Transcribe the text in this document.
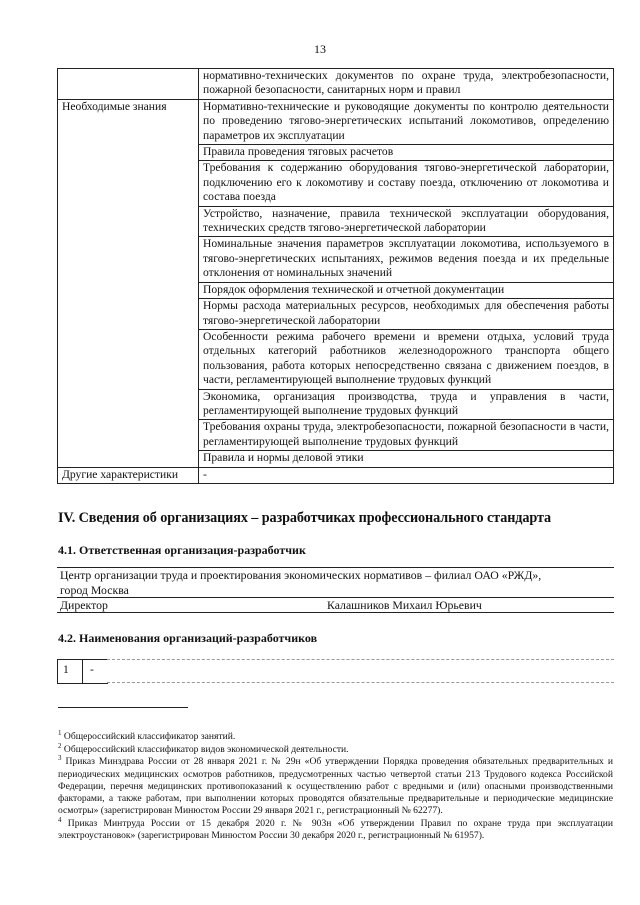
13
	нормативно-технических документов по охране труда, электробезопасности, пожарной безопасности, санитарных норм и правил
Необходимые знания	Нормативно-технические и руководящие документы по контролю деятельности по проведению тягово-энергетических испытаний локомотивов, определению параметров их эксплуатации
	Правила проведения тяговых расчетов
	Требования к содержанию оборудования тягово-энергетической лаборатории, подключению его к локомотиву и составу поезда, отключению от локомотива и состава поезда
	Устройство, назначение, правила технической эксплуатации оборудования, технических средств тягово-энергетической лаборатории
	Номинальные значения параметров эксплуатации локомотива, используемого в тягово-энергетических испытаниях, режимов ведения поезда и их предельные отклонения от номинальных значений
	Порядок оформления технической и отчетной документации
	Нормы расхода материальных ресурсов, необходимых для обеспечения работы тягово-энергетической лаборатории
	Особенности режима рабочего времени и времени отдыха, условий труда отдельных категорий работников железнодорожного транспорта общего пользования, работа которых непосредственно связана с движением поездов, в части, регламентирующей выполнение трудовых функций
	Экономика, организация производства, труда и управления в части, регламентирующей выполнение трудовых функций
	Требования охраны труда, электробезопасности, пожарной безопасности в части, регламентирующей выполнение трудовых функций
	Правила и нормы деловой этики
Другие характеристики	-
IV. Сведения об организациях – разработчиках профессионального стандарта
4.1. Ответственная организация-разработчик
Центр организации труда и проектирования экономических нормативов – филиал ОАО «РЖД»,
город Москва
Директор	Калашников Михаил Юрьевич
4.2. Наименования организаций-разработчиков
1 -

$^1$ Общероссийский классификатор занятий.

$^2$ Общероссийский классификатор видов экономической деятельности.

$^3$ Приказ Минздрава России от 28 января 2021 г. № 29н «Об утверждении Порядка проведения обязательных предварительных и периодических медицинских осмотров работников, предусмотренных частью четвертой статьи 213 Трудового кодекса Российской Федерации, перечня медицинских противопоказаний к осуществлению работ с вредными и (или) опасными производственными факторами, а также работам, при выполнении которых проводятся обязательные предварительные и периодические медицинские осмотры» (зарегистрирован Минюстом России 29 января 2021 г., регистрационный № 62277).

$^4$ Приказ Минтруда России от 15 декабря 2020 г. № 903н «Об утверждении Правил по охране труда при эксплуатации электроустановок» (зарегистрирован Минюстом России 30 декабря 2020 г., регистрационный № 61957).
